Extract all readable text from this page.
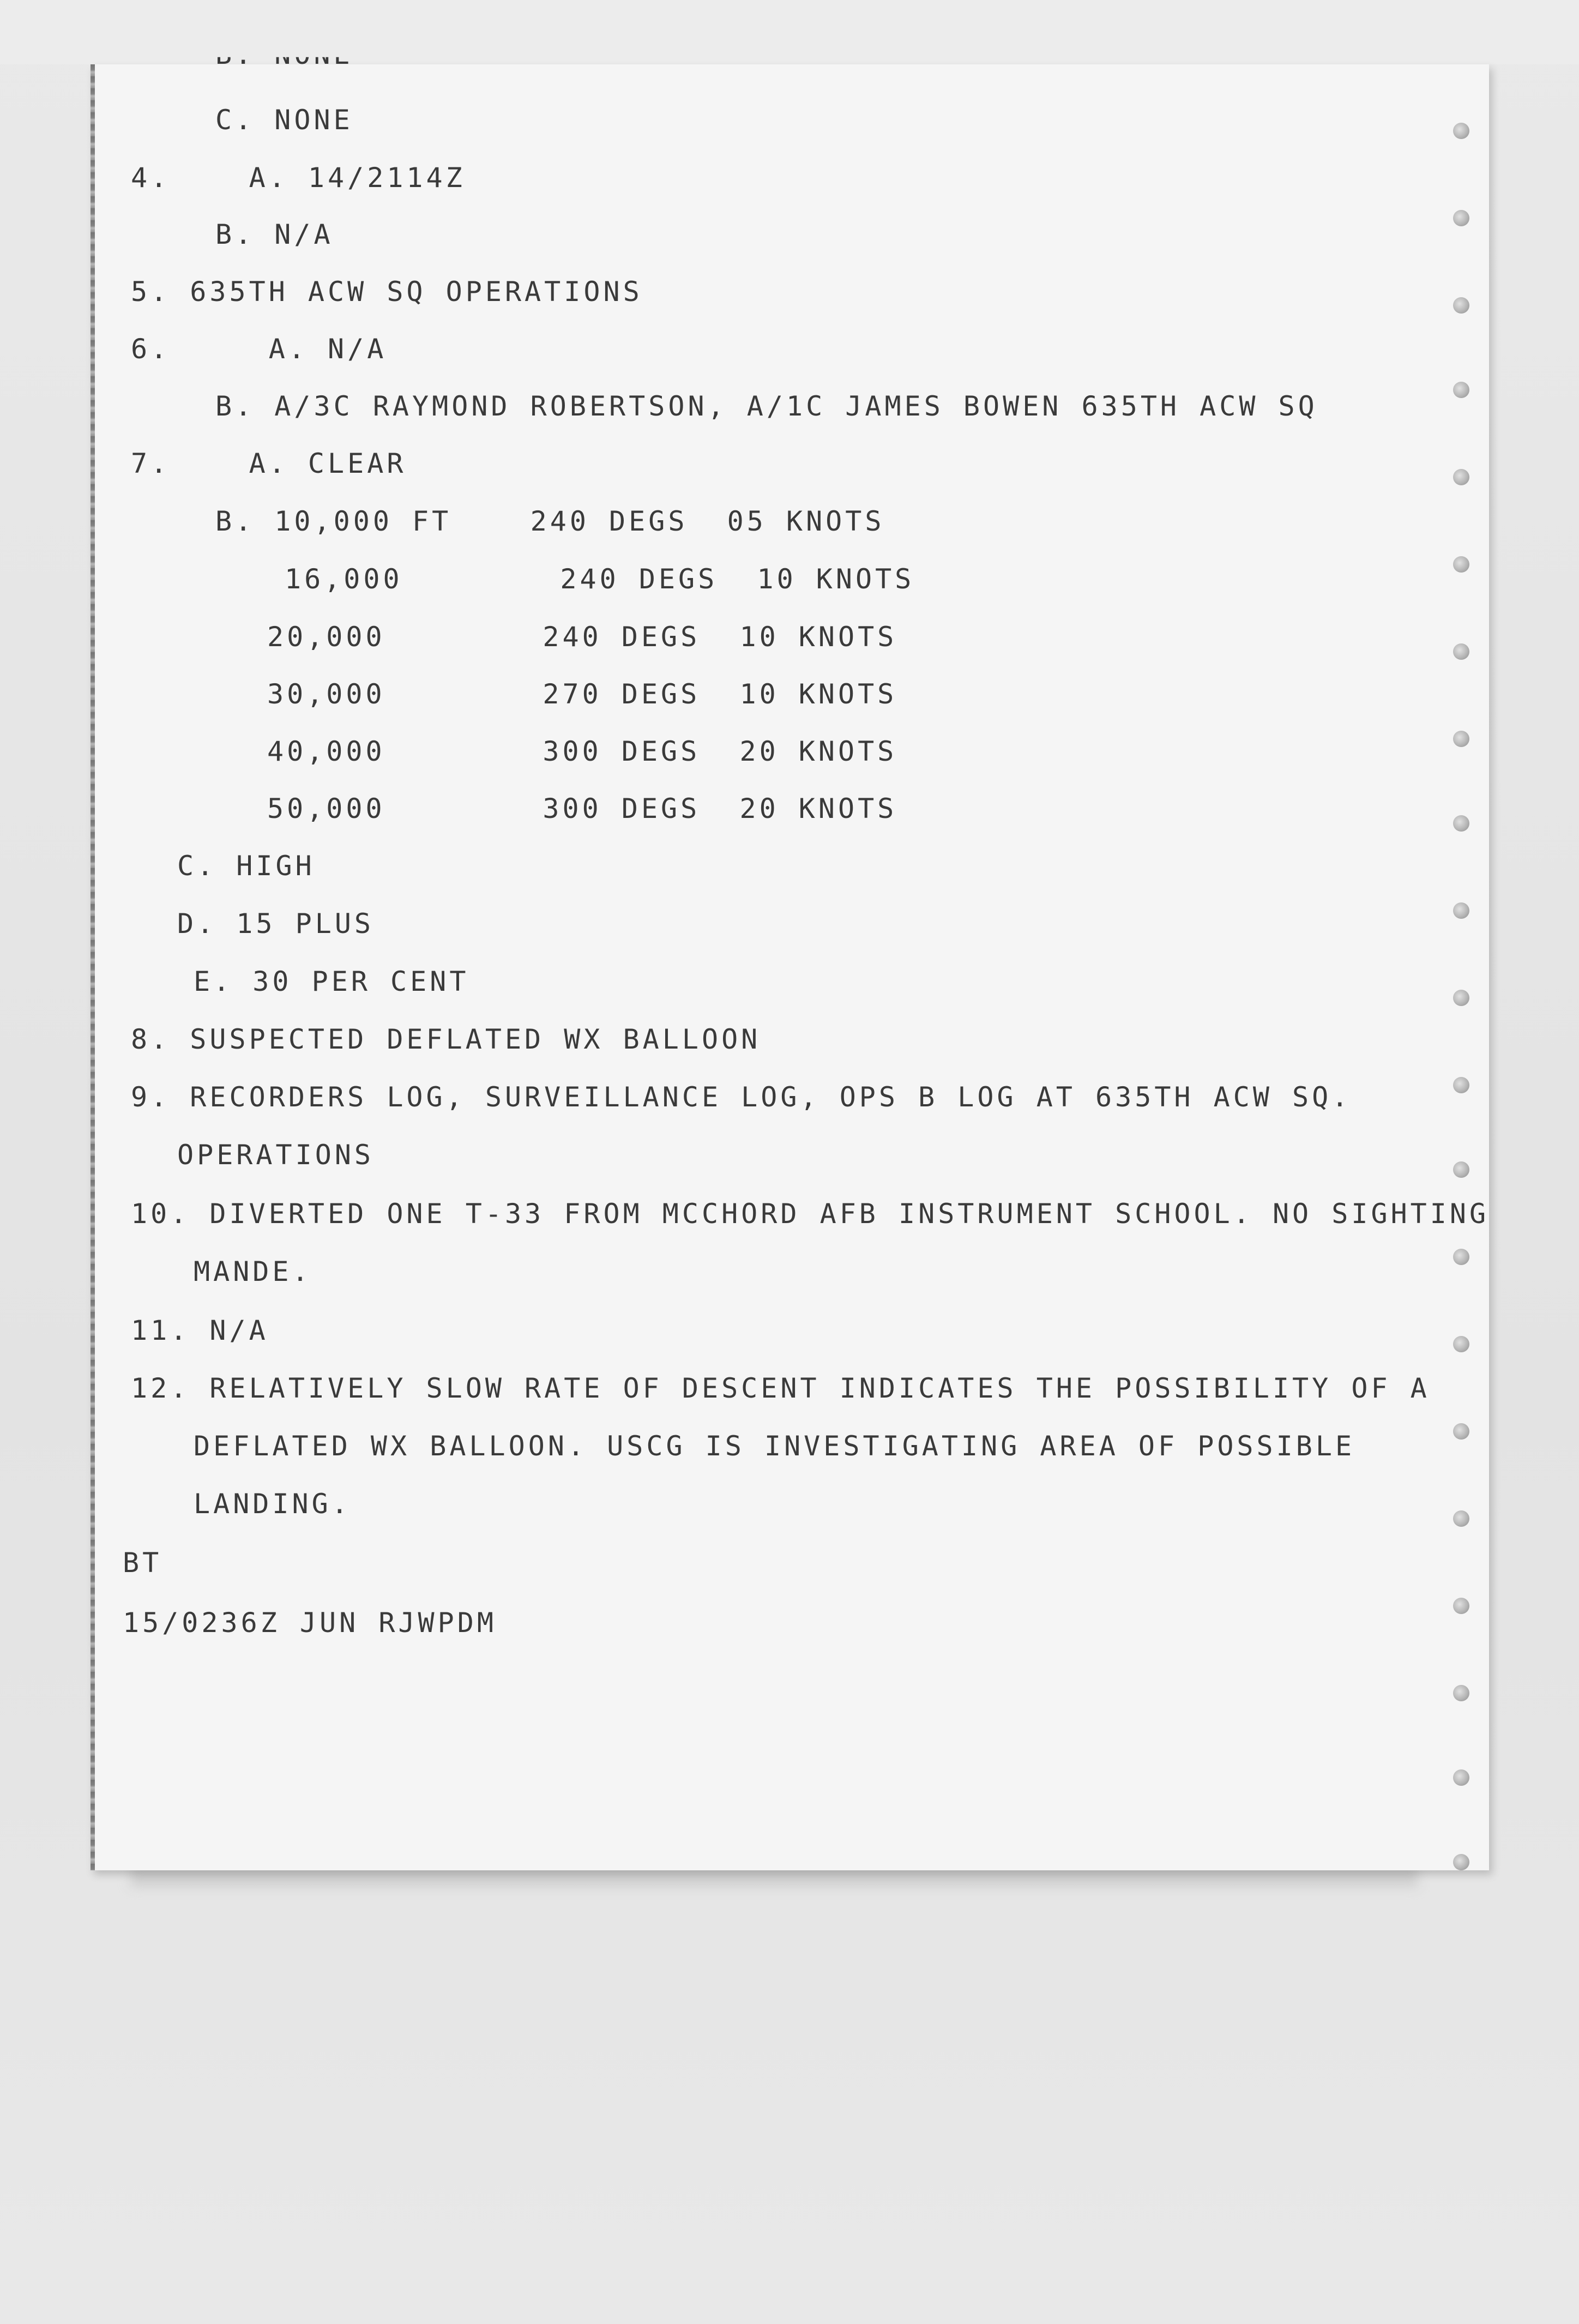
C. NONE
4.    A. 14/2114Z
B. N/A
5. 635TH ACW SQ OPERATIONS
6.     A. N/A
B. A/3C RAYMOND ROBERTSON, A/1C JAMES BOWEN 635TH ACW SQ
7.    A. CLEAR
B. 10,000 FT    240 DEGS  05 KNOTS
16,000        240 DEGS  10 KNOTS
20,000        240 DEGS  10 KNOTS
30,000        270 DEGS  10 KNOTS
40,000        300 DEGS  20 KNOTS
50,000        300 DEGS  20 KNOTS
C. HIGH
D. 15 PLUS
E. 30 PER CENT
8. SUSPECTED DEFLATED WX BALLOON
9. RECORDERS LOG, SURVEILLANCE LOG, OPS B LOG AT 635TH ACW SQ.
OPERATIONS
10. DIVERTED ONE T-33 FROM MCCHORD AFB INSTRUMENT SCHOOL. NO SIGHTING
MANDE.
11. N/A
12. RELATIVELY SLOW RATE OF DESCENT INDICATES THE POSSIBILITY OF A
DEFLATED WX BALLOON. USCG IS INVESTIGATING AREA OF POSSIBLE
LANDING.
BT
15/0236Z JUN RJWPDM
